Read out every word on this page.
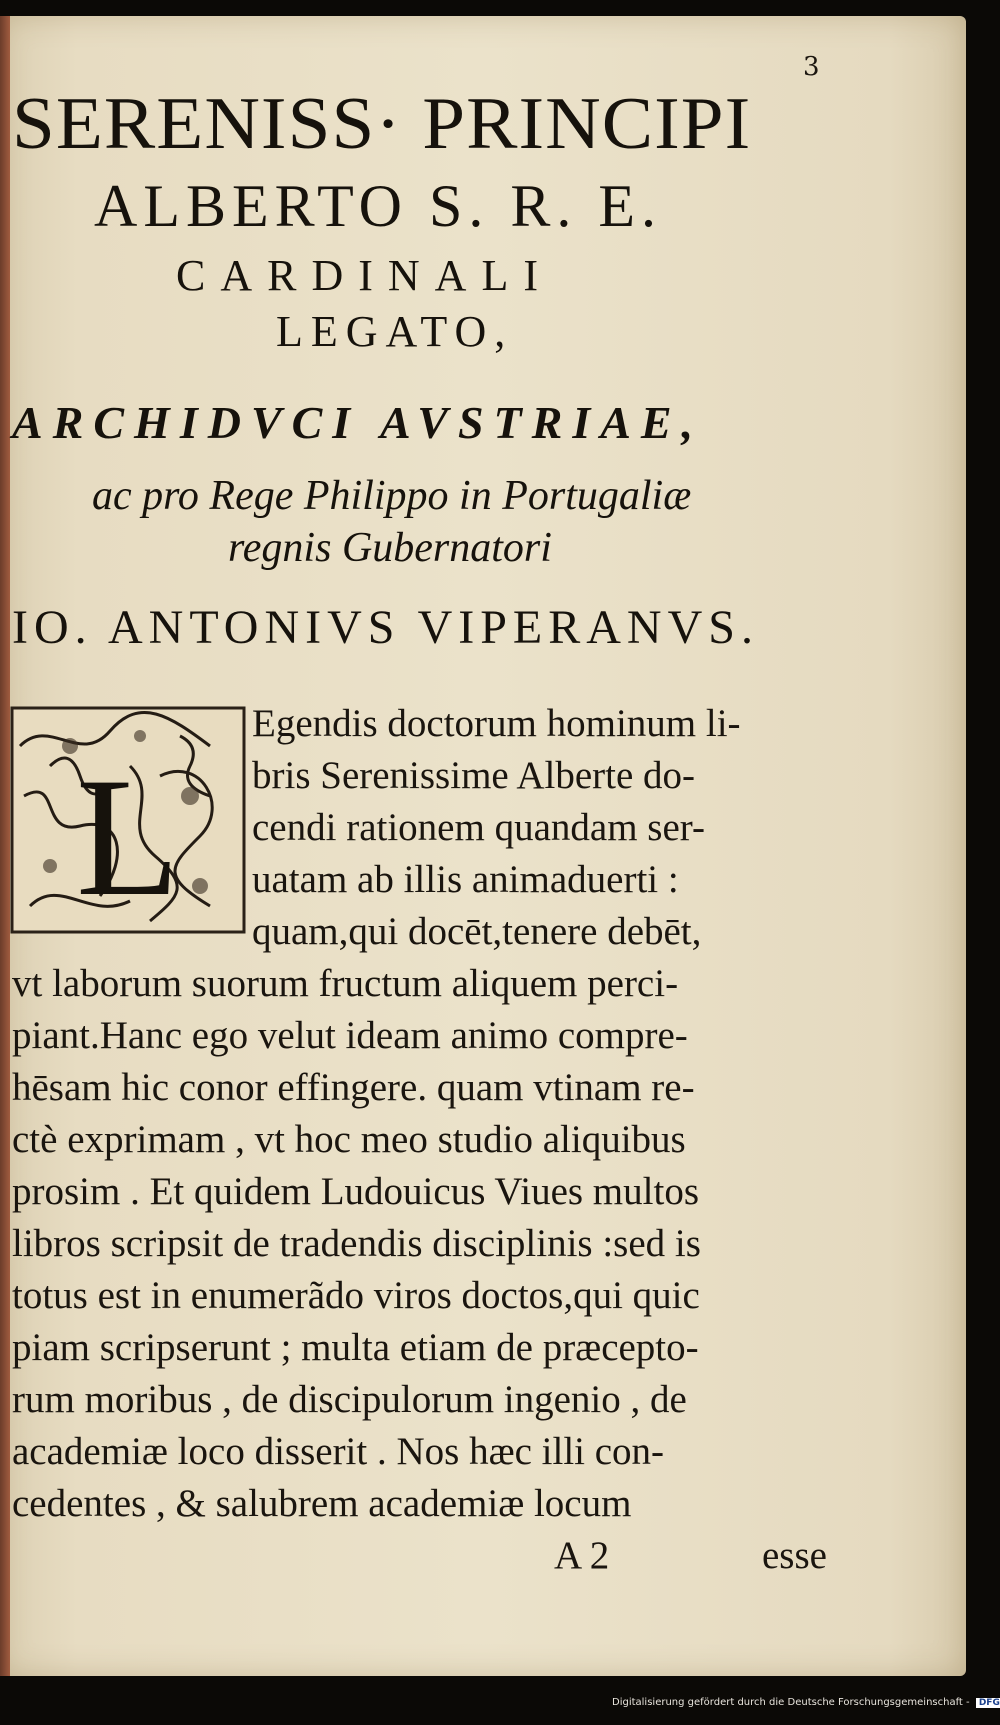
3

SERENISS· PRINCIPI

ALBERTO S. R. E.

CARDINALI

LEGATO,

ARCHIDVCI AVSTRIAE,

ac pro Rege Philippo in Portugaliæ

regnis Gubernatori

IO. ANTONIVS VIPERANVS.

L

Egendis doctorum hominum li-

bris Serenissime Alberte do-

cendi rationem quandam ser-

uatam ab illis animaduerti :

quam,qui docēt,tenere debēt,

vt laborum suorum fructum aliquem perci-

piant.Hanc ego velut ideam animo compre-

hēsam hic conor effingere. quam vtinam re-

ctè exprimam , vt hoc meo studio aliquibus

prosim . Et quidem Ludouicus Viues multos

libros scripsit de tradendis disciplinis :sed is

totus est in enumerãdo viros doctos,qui quic

piam scripserunt ; multa etiam de præcepto-

rum moribus , de discipulorum ingenio , de

academiæ loco disserit . Nos hæc illi con-

cedentes , & salubrem academiæ locum

A 2	esse

Digitalisierung gefördert durch die Deutsche Forschungsgemeinschaft - DFG
